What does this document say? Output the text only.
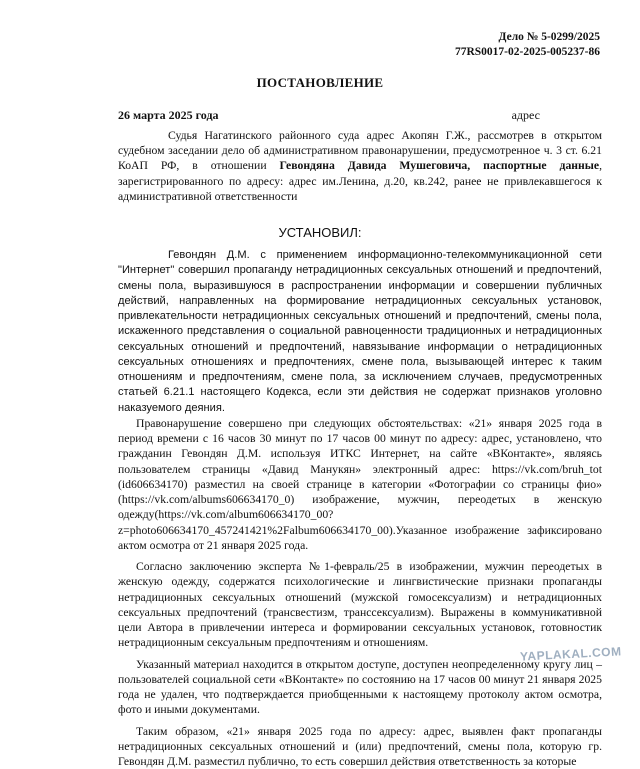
Дело № 5-0299/2025
77RS0017-02-2025-005237-86
ПОСТАНОВЛЕНИЕ
26 марта 2025 года	адрес

Судья Нагатинского районного суда адрес Акопян Г.Ж., рассмотрев в открытом судебном заседании дело об административном правонарушении, предусмотренное ч. 3 ст. 6.21 КоАП РФ, в отношении Гевондяна Давида Мушеговича, паспортные данные, зарегистрированного по адресу: адрес им.Ленина, д.20, кв.242, ранее не привлекавшегося к административной ответственности

УСТАНОВИЛ:

Гевондян Д.М. с применением информационно-телекоммуникационной сети "Интернет" совершил пропаганду нетрадиционных сексуальных отношений и предпочтений, смены пола, выразившуюся в распространении информации и совершении публичных действий, направленных на формирование нетрадиционных сексуальных установок, привлекательности нетрадиционных сексуальных отношений и предпочтений, смены пола, искаженного представления о социальной равноценности традиционных и нетрадиционных сексуальных отношений и предпочтений, навязывание информации о нетрадиционных сексуальных отношениях и предпочтениях, смене пола, вызывающей интерес к таким отношениям и предпочтениям, смене пола, за исключением случаев, предусмотренных статьей 6.21.1 настоящего Кодекса, если эти действия не содержат признаков уголовно наказуемого деяния.

Правонарушение совершено при следующих обстоятельствах: «21» января 2025 года в период времени с 16 часов 30 минут по 17 часов 00 минут по адресу: адрес, установлено, что гражданин Гевондян Д.М. используя ИТКС Интернет, на сайте «ВКонтакте», являясь пользователем страницы «Давид Манукян» электронный адрес: https://vk.com/bruh_tot (id606634170) разместил на своей странице в категории «Фотографии со страницы фио» (https://vk.com/albums606634170_0) изображение, мужчин, переодетых в женскую одежду(https://vk.com/album606634170_00?z=photo606634170_457241421%2Falbum606634170_00).Указанное изображение зафиксировано актом осмотра от 21 января 2025 года.

Согласно заключению эксперта №1-февраль/25 в изображении, мужчин переодетых в женскую одежду, содержатся психологические и лингвистические признаки пропаганды нетрадиционных сексуальных отношений (мужской гомосексуализм) и нетрадиционных сексуальных предпочтений (трансвестизм, транссексуализм). Выражены в коммуникативной цели Автора в привлечении интереса и формировании сексуальных установок, готовностик нетрадиционным сексуальным предпочтениям и отношениям.

Указанный материал находится в открытом доступе, доступен неопределенному кругу лиц – пользователей социальной сети «ВКонтакте» по состоянию на 17 часов 00 минут 21 января 2025 года не удален, что подтверждается приобщенными к настоящему протоколу актом осмотра, фото и иными документами.

Таким образом, «21» января 2025 года по адресу: адрес, выявлен факт пропаганды нетрадиционных сексуальных отношений и (или) предпочтений, смены пола, которую гр. Гевондян Д.М. разместил публично, то есть совершил действия ответственность за которые

YAPLAKAL.COM
